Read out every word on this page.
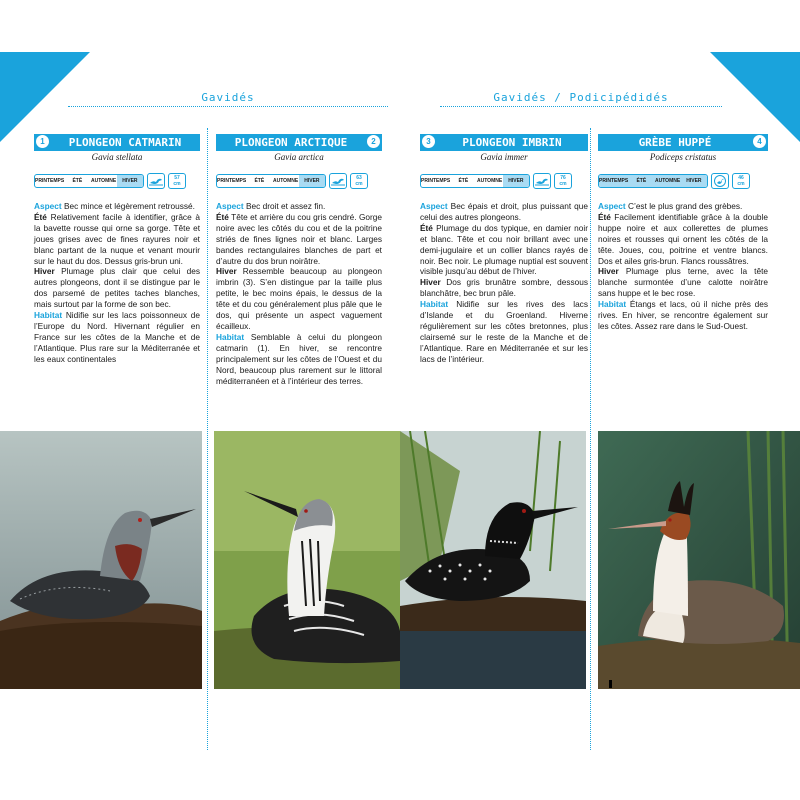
Gavidés	Gavidés / Podicipédidés
1	PLONGEON CATMARIN
Gavia stellata
PRINTEMPS	ÉTÉ	AUTOMNE	HIVER	57
cm

Aspect Bec mince et légèrement retroussé.

Été Relativement facile à identifier, grâce à la bavette rousse qui orne sa gorge. Tête et joues grises avec de fines rayures noir et blanc partant de la nuque et venant mourir sur le haut du dos. Dessus gris-brun uni.

Hiver Plumage plus clair que celui des autres plongeons, dont il se distingue par le dos parsemé de petites taches blanches, mais surtout par la forme de son bec.

Habitat Nidifie sur les lacs poissonneux de l’Europe du Nord. Hivernant régulier en France sur les côtes de la Manche et de l’Atlantique. Plus rare sur la Méditerranée et les eaux continentales

PLONGEON ARCTIQUE	2
Gavia arctica
PRINTEMPS	ÉTÉ	AUTOMNE	HIVER	63
cm

Aspect Bec droit et assez fin.

Été Tête et arrière du cou gris cendré. Gorge noire avec les côtés du cou et de la poitrine striés de fines lignes noir et blanc. Larges bandes rectangulaires blanches de part et d’autre du dos brun noirâtre.

Hiver Ressemble beaucoup au plongeon imbrin (3). S’en distingue par la taille plus petite, le bec moins épais, le dessus de la tête et du cou généralement plus pâle que le dos, qui présente un aspect vaguement écailleux.

Habitat Semblable à celui du plongeon catmarin (1). En hiver, se rencontre principalement sur les côtes de l’Ouest et du Nord, beaucoup plus rarement sur le littoral méditerranéen et à l’intérieur des terres.

3	PLONGEON IMBRIN
Gavia immer
PRINTEMPS	ÉTÉ	AUTOMNE	HIVER	76
cm

Aspect Bec épais et droit, plus puissant que celui des autres plongeons.

Été Plumage du dos typique, en damier noir et blanc. Tête et cou noir brillant avec une demi-jugulaire et un collier blancs rayés de noir. Bec noir. Le plumage nuptial est souvent visible jusqu’au début de l’hiver.

Hiver Dos gris brunâtre sombre, dessous blanchâtre, bec brun pâle.

Habitat Nidifie sur les rives des lacs d’Islande et du Groenland. Hiverne régulièrement sur les côtes bretonnes, plus clairsemé sur le reste de la Manche et de l’Atlantique. Rare en Méditerranée et sur les lacs de l’intérieur.

GRÈBE HUPPÉ	4
Podiceps cristatus
PRINTEMPS	ÉTÉ	AUTOMNE	HIVER	46
cm

Aspect C’est le plus grand des grèbes.

Été Facilement identifiable grâce à la double huppe noire et aux collerettes de plumes noires et rousses qui ornent les côtés de la tête. Joues, cou, poitrine et ventre blancs. Dos et ailes gris-brun. Flancs roussâtres.

Hiver Plumage plus terne, avec la tête blanche surmontée d’une calotte noirâtre sans huppe et le bec rose.

Habitat Étangs et lacs, où il niche près des rives. En hiver, se rencontre également sur les côtes. Assez rare dans le Sud-Ouest.
